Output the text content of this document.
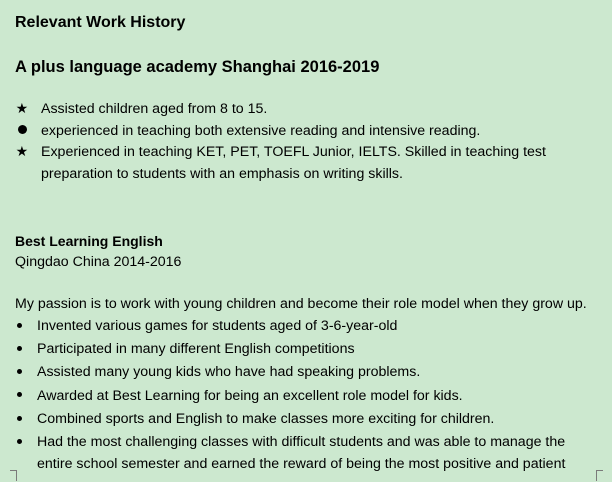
Relevant Work History
A plus language academy Shanghai 2016-2019
★ Assisted children aged from 8 to 15.
experienced in teaching both extensive reading and intensive reading.
★ Experienced in teaching KET, PET, TOEFL Junior, IELTS. Skilled in teaching test preparation to students with an emphasis on writing skills.
Best Learning English
Qingdao China 2014-2016
My passion is to work with young children and become their role model when they grow up.
Invented various games for students aged of 3-6-year-old
Participated in many different English competitions
Assisted many young kids who have had speaking problems.
Awarded at Best Learning for being an excellent role model for kids.
Combined sports and English to make classes more exciting for children.
Had the most challenging classes with difficult students and was able to manage the entire school semester and earned the reward of being the most positive and patient
